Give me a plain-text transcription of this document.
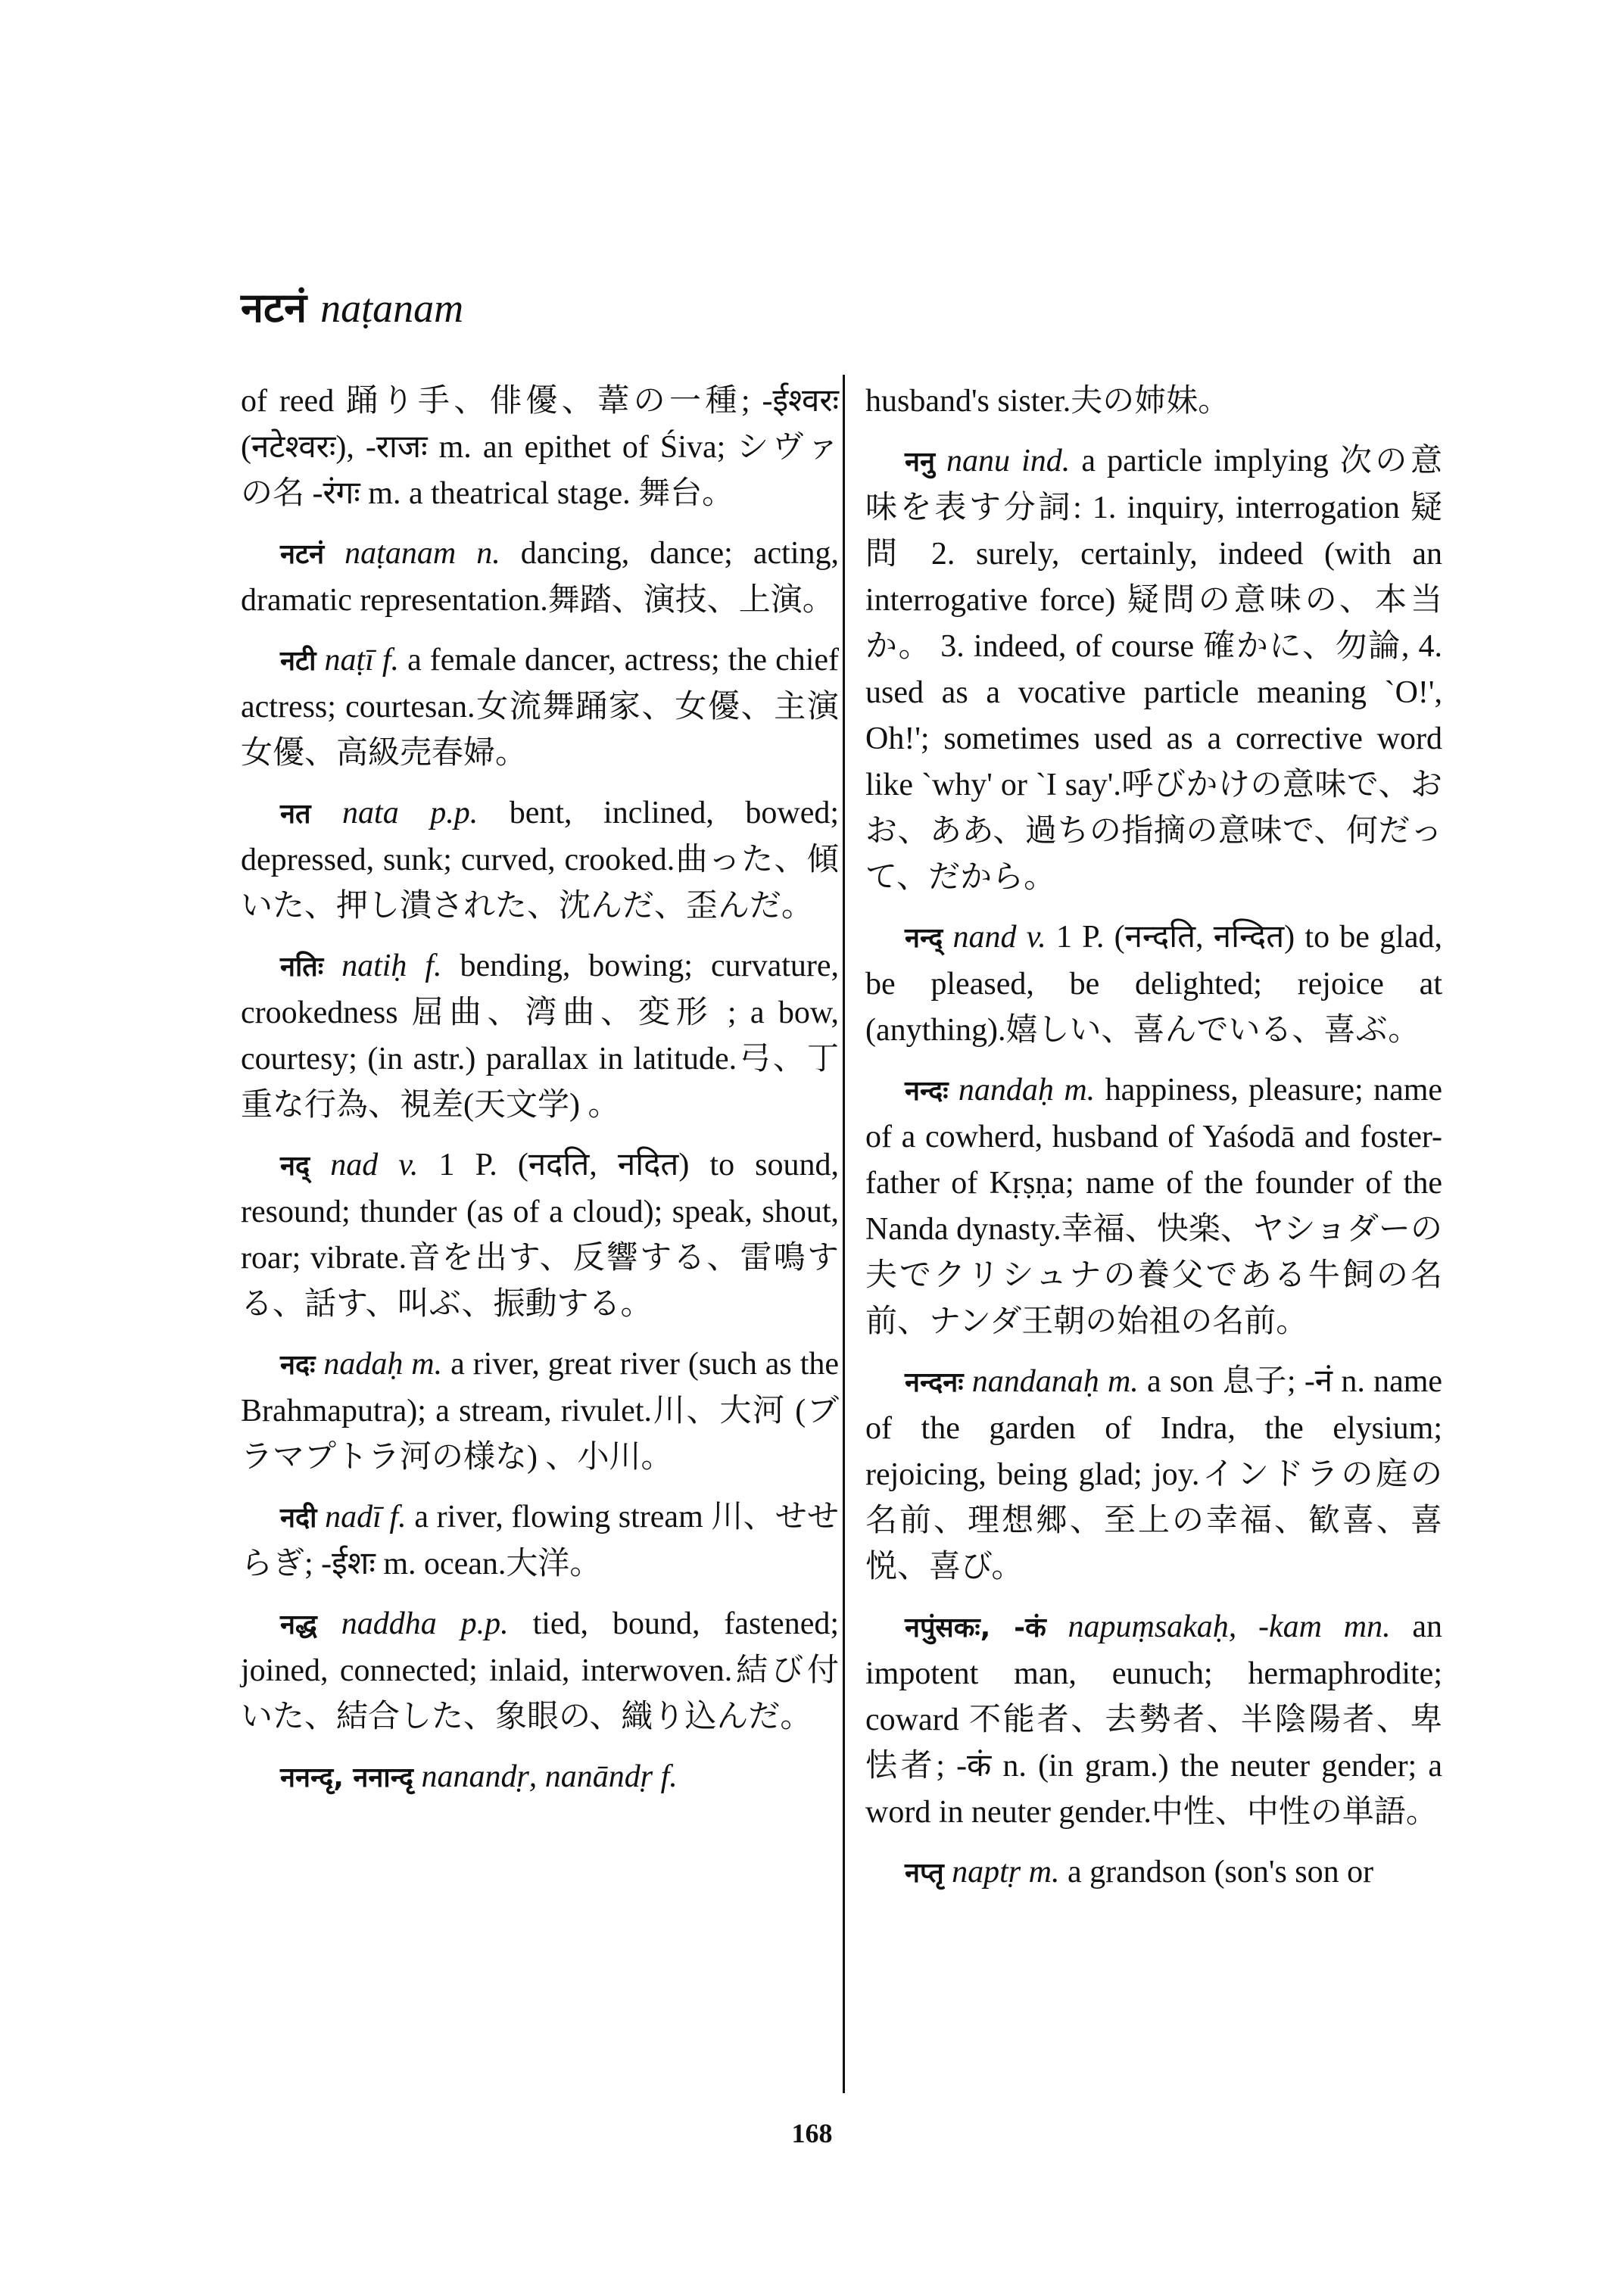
नटनं naṭanam

of reed 踊り手、俳優、葦の一種; -ईश्वरः (नटेश्वरः), -राजः m. an epithet of Śiva; シヴァの名 -रंगः m. a theatrical stage. 舞台。

नटनं naṭanam n. dancing, dance; acting, dramatic representation.舞踏、演技、上演。

नटी naṭī f. a female dancer, actress; the chief actress; courtesan.女流舞踊家、女優、主演女優、高級売春婦。

नत nata p.p. bent, inclined, bowed; depressed, sunk; curved, crooked.曲った、傾いた、押し潰された、沈んだ、歪んだ。

नतिः natiḥ f. bending, bowing; curvature, crookedness 屈曲、湾曲、変形 ; a bow, courtesy; (in astr.) parallax in latitude.弓、丁重な行為、視差(天文学) 。

नद् nad v. 1 P. (नदति, नदित) to sound, resound; thunder (as of a cloud); speak, shout, roar; vibrate.音を出す、反響する、雷鳴する、話す、叫ぶ、振動する。

नदः nadaḥ m. a river, great river (such as the Brahmaputra); a stream, rivulet.川、大河 (ブラマプトラ河の様な) 、小川。

नदी nadī f. a river, flowing stream 川、せせらぎ; -ईशः m. ocean.大洋。

नद्ध naddha p.p. tied, bound, fastened; joined, connected; inlaid, interwoven.結び付いた、結合した、象眼の、織り込んだ。

ननन्दृ, ननान्दृ nanandṛ, nanāndṛ f.

husband's sister.夫の姉妹。

ननु nanu ind. a particle implying 次の意味を表す分詞: 1. inquiry, interrogation 疑問 2. surely, certainly, indeed (with an interrogative force) 疑問の意味の、本当か。 3. indeed, of course 確かに、勿論, 4. used as a vocative particle meaning `O!', Oh!'; sometimes used as a corrective word like `why' or `I say'.呼びかけの意味で、おお、ああ、過ちの指摘の意味で、何だって、だから。

नन्द् nand v. 1 P. (नन्दति, नन्दित) to be glad, be pleased, be delighted; rejoice at (anything).嬉しい、喜んでいる、喜ぶ。

नन्दः nandaḥ m. happiness, pleasure; name of a cowherd, husband of Yaśodā and foster-father of Kṛṣṇa; name of the founder of the Nanda dynasty.幸福、快楽、ヤショダーの夫でクリシュナの養父である牛飼の名前、ナンダ王朝の始祖の名前。

नन्दनः nandanaḥ m. a son 息子; -नं n. name of the garden of Indra, the elysium; rejoicing, being glad; joy.インドラの庭の名前、理想郷、至上の幸福、歓喜、喜悦、喜び。

नपुंसकः, -कं napuṃsakaḥ, -kam mn. an impotent man, eunuch; hermaphrodite; coward 不能者、去勢者、半陰陽者、卑怯者; -कं n. (in gram.) the neuter gender; a word in neuter gender.中性、中性の単語。

नप्तृ naptṛ m. a grandson (son's son or

168
